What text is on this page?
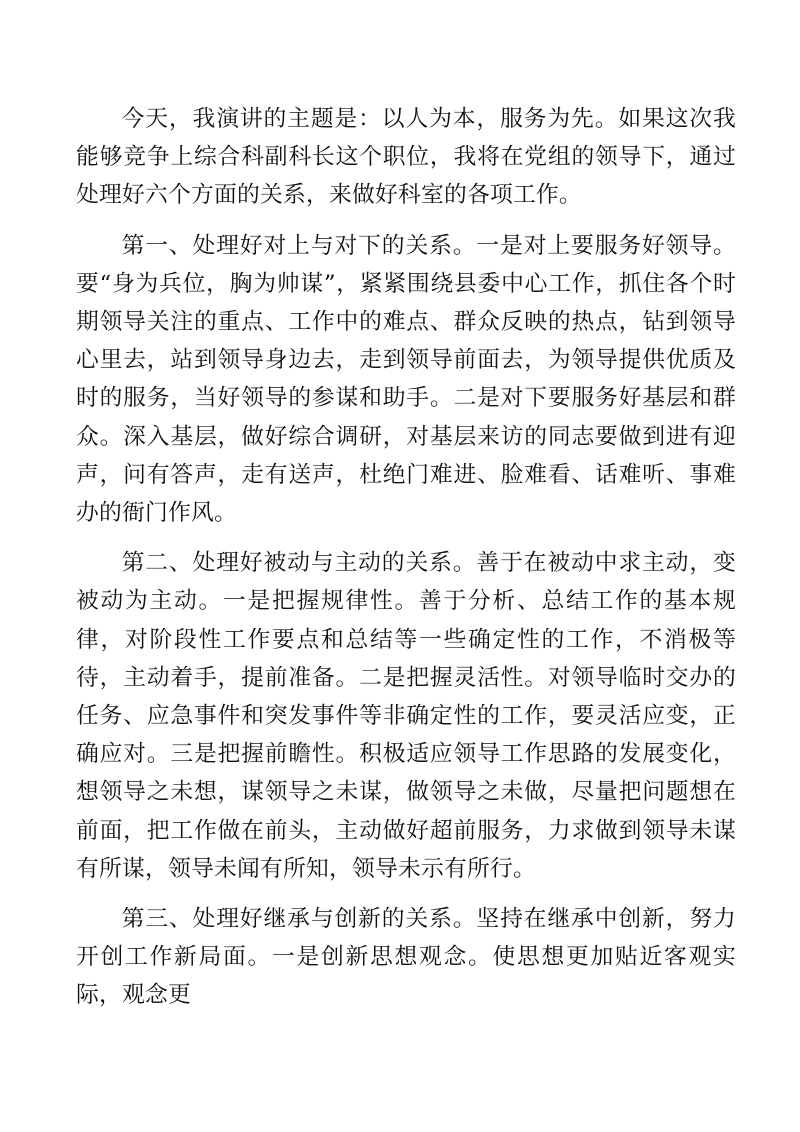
今天，我演讲的主题是：以人为本，服务为先。如果这次我能够竞争上综合科副科长这个职位，我将在党组的领导下，通过处理好六个方面的关系，来做好科室的各项工作。

第一、处理好对上与对下的关系。一是对上要服务好领导。要“身为兵位，胸为帅谋”，紧紧围绕县委中心工作，抓住各个时期领导关注的重点、工作中的难点、群众反映的热点，钻到领导心里去，站到领导身边去，走到领导前面去，为领导提供优质及时的服务，当好领导的参谋和助手。二是对下要服务好基层和群众。深入基层，做好综合调研，对基层来访的同志要做到进有迎声，问有答声，走有送声，杜绝门难进、脸难看、话难听、事难办的衙门作风。

第二、处理好被动与主动的关系。善于在被动中求主动，变被动为主动。一是把握规律性。善于分析、总结工作的基本规律，对阶段性工作要点和总结等一些确定性的工作，不消极等待，主动着手，提前准备。二是把握灵活性。对领导临时交办的任务、应急事件和突发事件等非确定性的工作，要灵活应变，正确应对。三是把握前瞻性。积极适应领导工作思路的发展变化，想领导之未想，谋领导之未谋，做领导之未做，尽量把问题想在前面，把工作做在前头，主动做好超前服务，力求做到领导未谋有所谋，领导未闻有所知，领导未示有所行。

第三、处理好继承与创新的关系。坚持在继承中创新，努力开创工作新局面。一是创新思想观念。使思想更加贴近客观实际，观念更
